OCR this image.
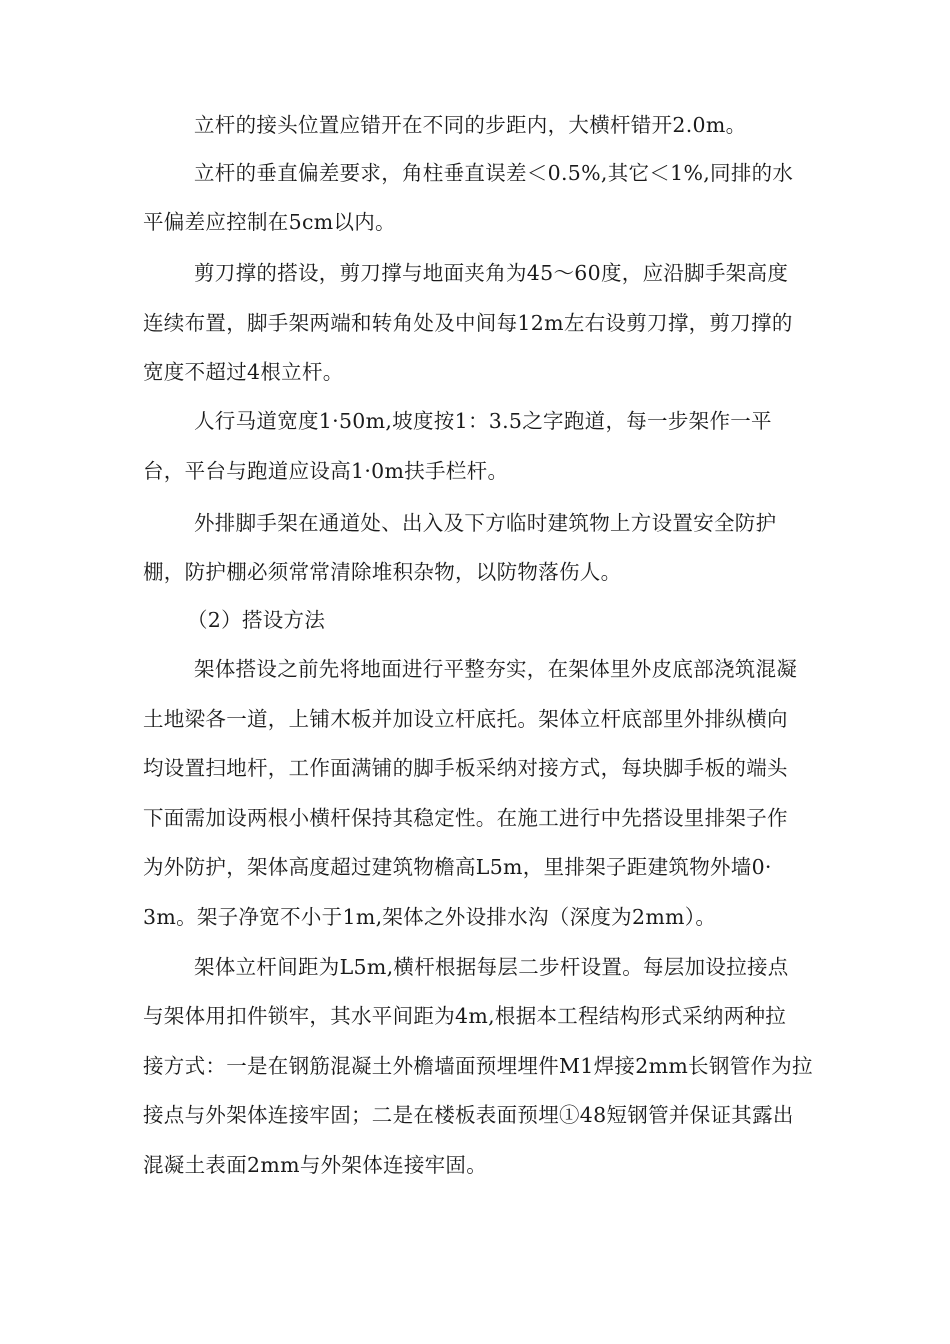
立杆的接头位置应错开在不同的步距内，大横杆错开2.0m。

立杆的垂直偏差要求，角柱垂直误差＜0.5%,其它＜1%,同排的水

平偏差应控制在5cm以内。

剪刀撑的搭设，剪刀撑与地面夹角为45～60度，应沿脚手架高度

连续布置，脚手架两端和转角处及中间每12m左右设剪刀撑，剪刀撑的

宽度不超过4根立杆。

人行马道宽度1·50m,坡度按1：3.5之字跑道，每一步架作一平

台，平台与跑道应设高1·0m扶手栏杆。

外排脚手架在通道处、出入及下方临时建筑物上方设置安全防护

棚，防护棚必须常常清除堆积杂物，以防物落伤人。

（2）搭设方法

架体搭设之前先将地面进行平整夯实，在架体里外皮底部浇筑混凝

土地梁各一道，上铺木板并加设立杆底托。架体立杆底部里外排纵横向

均设置扫地杆，工作面满铺的脚手板采纳对接方式，每块脚手板的端头

下面需加设两根小横杆保持其稳定性。在施工进行中先搭设里排架子作

为外防护，架体高度超过建筑物檐高L5m，里排架子距建筑物外墙0·

3m。架子净宽不小于1m,架体之外设排水沟（深度为2mm）。

架体立杆间距为L5m,横杆根据每层二步杆设置。每层加设拉接点

与架体用扣件锁牢，其水平间距为4m,根据本工程结构形式采纳两种拉

接方式：一是在钢筋混凝土外檐墙面预埋埋件M1焊接2mm长钢管作为拉

接点与外架体连接牢固；二是在楼板表面预埋①48短钢管并保证其露出

混凝土表面2mm与外架体连接牢固。
